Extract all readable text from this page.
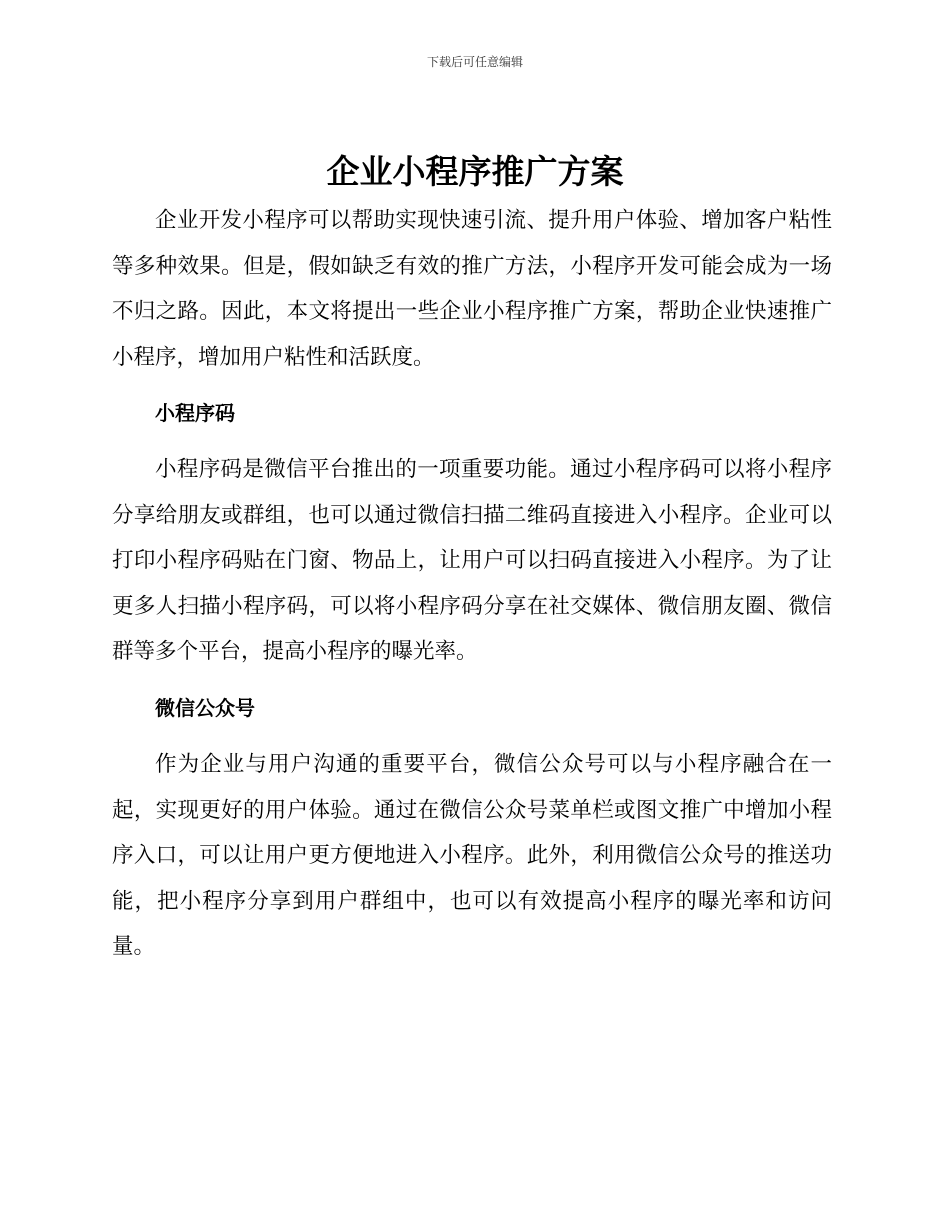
下载后可任意编辑
企业小程序推广方案

企业开发小程序可以帮助实现快速引流、提升用户体验、增加客户粘性等多种效果。但是，假如缺乏有效的推广方法，小程序开发可能会成为一场不归之路。因此，本文将提出一些企业小程序推广方案，帮助企业快速推广小程序，增加用户粘性和活跃度。

小程序码

小程序码是微信平台推出的一项重要功能。通过小程序码可以将小程序分享给朋友或群组，也可以通过微信扫描二维码直接进入小程序。企业可以打印小程序码贴在门窗、物品上，让用户可以扫码直接进入小程序。为了让更多人扫描小程序码，可以将小程序码分享在社交媒体、微信朋友圈、微信群等多个平台，提高小程序的曝光率。

微信公众号

作为企业与用户沟通的重要平台，微信公众号可以与小程序融合在一起，实现更好的用户体验。通过在微信公众号菜单栏或图文推广中增加小程序入口，可以让用户更方便地进入小程序。此外，利用微信公众号的推送功能，把小程序分享到用户群组中，也可以有效提高小程序的曝光率和访问量。
